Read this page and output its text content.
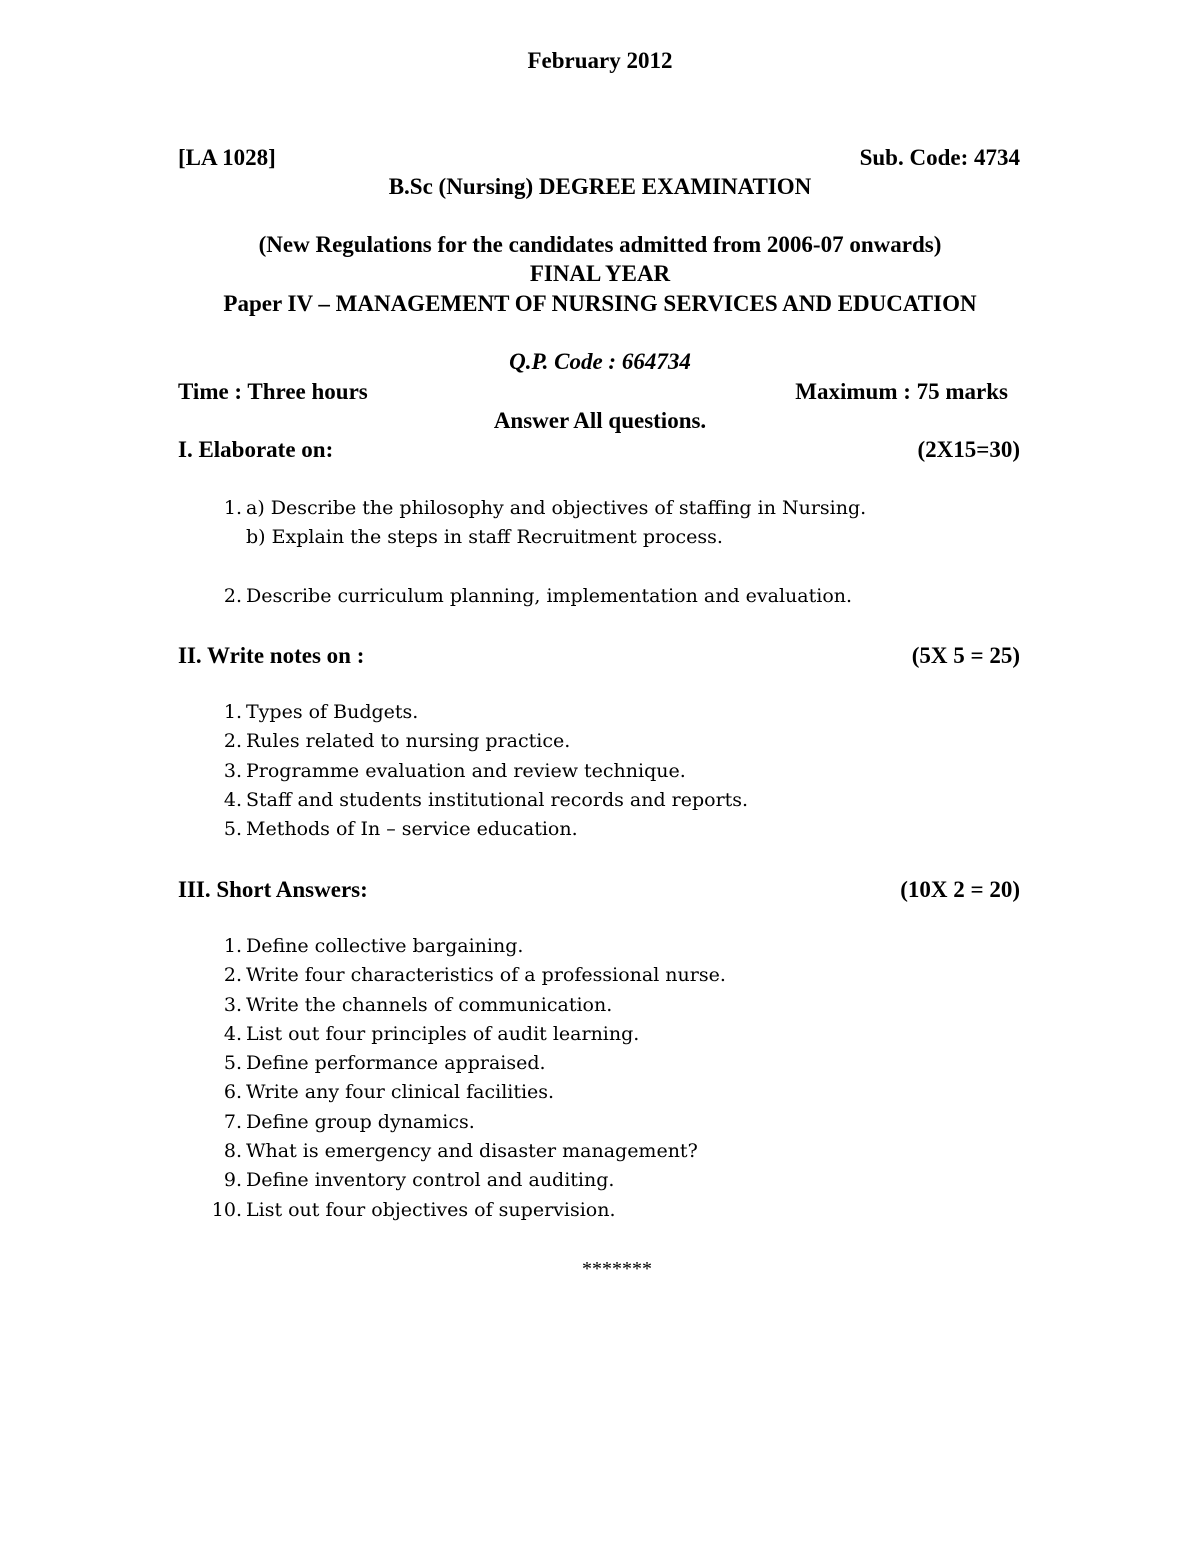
February 2012
[LA 1028]	Sub. Code: 4734
B.Sc (Nursing) DEGREE EXAMINATION
(New Regulations for the candidates admitted from 2006-07 onwards)
FINAL YEAR
Paper IV – MANAGEMENT OF NURSING SERVICES AND EDUCATION
Q.P. Code : 664734
Time : Three hours	Maximum : 75 marks
Answer All questions.
I. Elaborate on:	(2X15=30)
1. a) Describe the philosophy and objectives of staffing in Nursing.
b) Explain the steps in staff Recruitment process.
2. Describe curriculum planning, implementation and evaluation.
II. Write notes on :	(5X 5 = 25)
1. Types of Budgets.
2. Rules related to nursing practice.
3. Programme evaluation and review technique.
4. Staff and students institutional records and reports.
5. Methods of In – service education.
III. Short Answers:	(10X 2 = 20)
1. Define collective bargaining.
2. Write four characteristics of a professional nurse.
3. Write the channels of communication.
4. List out four principles of audit learning.
5. Define performance appraised.
6. Write any four clinical facilities.
7. Define group dynamics.
8. What is emergency and disaster management?
9. Define inventory control and auditing.
10. List out four objectives of supervision.
*******
